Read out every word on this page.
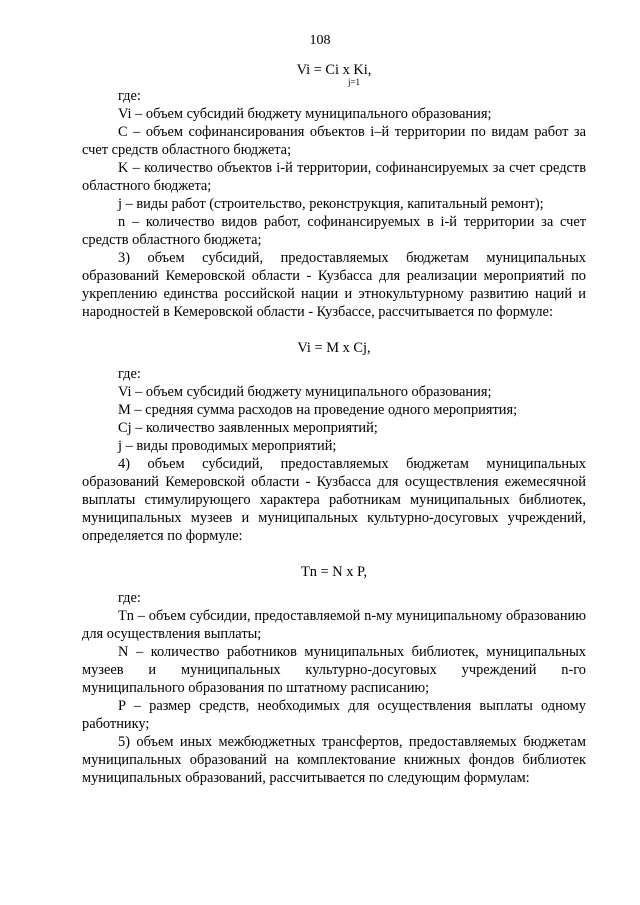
108
Vi = Ci x Ki,
j=1

где:

Vi – объем субсидий бюджету муниципального образования;

C – объем софинансирования объектов i–й территории по видам работ за счет средств областного бюджета;

K – количество объектов i-й территории, софинансируемых за счет средств областного бюджета;

j – виды работ (строительство, реконструкция, капитальный ремонт);

n – количество видов работ, софинансируемых в i-й территории за счет средств областного бюджета;

3) объем субсидий, предоставляемых бюджетам муниципальных образований Кемеровской области - Кузбасса для реализации мероприятий по укреплению единства российской нации и этнокультурному развитию наций и народностей в Кемеровской области - Кузбассе, рассчитывается по формуле:

Vi = M x Cj,

где:

Vi – объем субсидий бюджету муниципального образования;

M – средняя сумма расходов на проведение одного мероприятия;

Cj – количество заявленных мероприятий;

j – виды проводимых мероприятий;

4) объем субсидий, предоставляемых бюджетам муниципальных образований Кемеровской области - Кузбасса для осуществления ежемесячной выплаты стимулирующего характера работникам муниципальных библиотек, муниципальных музеев и муниципальных культурно-досуговых учреждений, определяется по формуле:

Tn = N x P,

где:

Tn – объем субсидии, предоставляемой n-му муниципальному образованию для осуществления выплаты;

N – количество работников муниципальных библиотек, муниципальных музеев и муниципальных культурно-досуговых учреждений n-го муниципального образования по штатному расписанию;

P – размер средств, необходимых для осуществления выплаты одному работнику;

5) объем иных межбюджетных трансфертов, предоставляемых бюджетам муниципальных образований на комплектование книжных фондов библиотек муниципальных образований, рассчитывается по следующим формулам:
